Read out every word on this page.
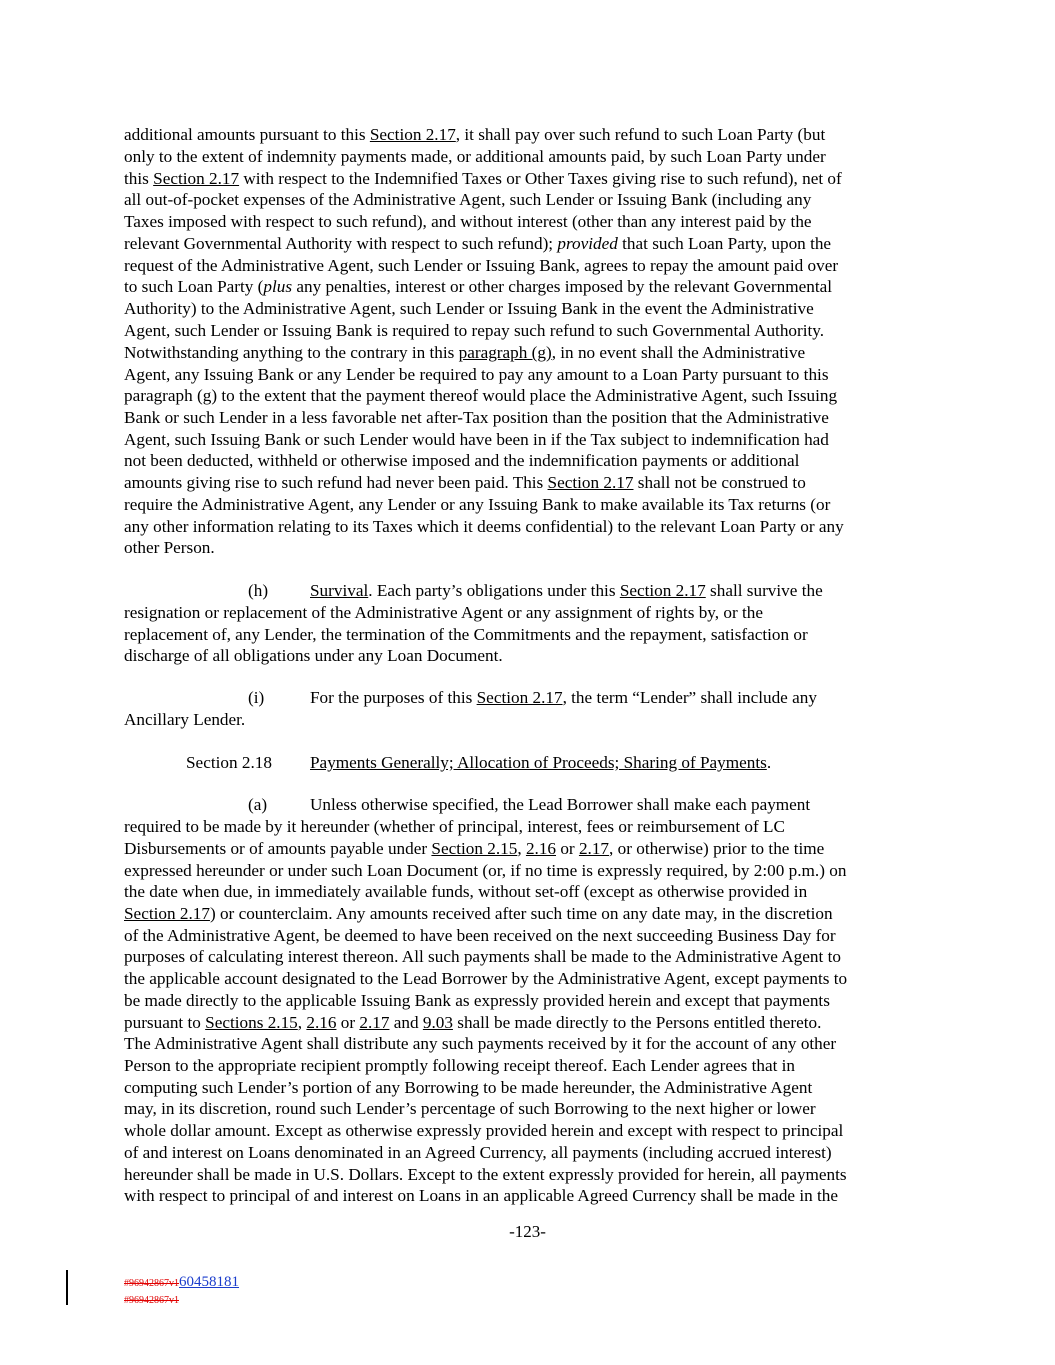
additional amounts pursuant to this Section 2.17, it shall pay over such refund to such Loan Party (but
only to the extent of indemnity payments made, or additional amounts paid, by such Loan Party under
this Section 2.17 with respect to the Indemnified Taxes or Other Taxes giving rise to such refund), net of
all out-of-pocket expenses of the Administrative Agent, such Lender or Issuing Bank (including any
Taxes imposed with respect to such refund), and without interest (other than any interest paid by the
relevant Governmental Authority with respect to such refund); provided that such Loan Party, upon the
request of the Administrative Agent, such Lender or Issuing Bank, agrees to repay the amount paid over
to such Loan Party (plus any penalties, interest or other charges imposed by the relevant Governmental
Authority) to the Administrative Agent, such Lender or Issuing Bank in the event the Administrative
Agent, such Lender or Issuing Bank is required to repay such refund to such Governmental Authority.
Notwithstanding anything to the contrary in this paragraph (g), in no event shall the Administrative
Agent, any Issuing Bank or any Lender be required to pay any amount to a Loan Party pursuant to this
paragraph (g) to the extent that the payment thereof would place the Administrative Agent, such Issuing
Bank or such Lender in a less favorable net after-Tax position than the position that the Administrative
Agent, such Issuing Bank or such Lender would have been in if the Tax subject to indemnification had
not been deducted, withheld or otherwise imposed and the indemnification payments or additional
amounts giving rise to such refund had never been paid. This Section 2.17 shall not be construed to
require the Administrative Agent, any Lender or any Issuing Bank to make available its Tax returns (or
any other information relating to its Taxes which it deems confidential) to the relevant Loan Party or any
other Person.
(h) Survival. Each party’s obligations under this Section 2.17 shall survive the
resignation or replacement of the Administrative Agent or any assignment of rights by, or the
replacement of, any Lender, the termination of the Commitments and the repayment, satisfaction or
discharge of all obligations under any Loan Document.
(i)	For the purposes of this Section 2.17, the term “Lender” shall include any
Ancillary Lender.
Section 2.18 Payments Generally; Allocation of Proceeds; Sharing of Payments.
(a) Unless otherwise specified, the Lead Borrower shall make each payment
required to be made by it hereunder (whether of principal, interest, fees or reimbursement of LC
Disbursements or of amounts payable under Section 2.15, 2.16 or 2.17, or otherwise) prior to the time
expressed hereunder or under such Loan Document (or, if no time is expressly required, by 2:00 p.m.) on
the date when due, in immediately available funds, without set-off (except as otherwise provided in
Section 2.17) or counterclaim. Any amounts received after such time on any date may, in the discretion
of the Administrative Agent, be deemed to have been received on the next succeeding Business Day for
purposes of calculating interest thereon. All such payments shall be made to the Administrative Agent to
the applicable account designated to the Lead Borrower by the Administrative Agent, except payments to
be made directly to the applicable Issuing Bank as expressly provided herein and except that payments
pursuant to Sections 2.15, 2.16 or 2.17 and 9.03 shall be made directly to the Persons entitled thereto.
The Administrative Agent shall distribute any such payments received by it for the account of any other
Person to the appropriate recipient promptly following receipt thereof. Each Lender agrees that in
computing such Lender’s portion of any Borrowing to be made hereunder, the Administrative Agent
may, in its discretion, round such Lender’s percentage of such Borrowing to the next higher or lower
whole dollar amount. Except as otherwise expressly provided herein and except with respect to principal
of and interest on Loans denominated in an Agreed Currency, all payments (including accrued interest)
hereunder shall be made in U.S. Dollars. Except to the extent expressly provided for herein, all payments
with respect to principal of and interest on Loans in an applicable Agreed Currency shall be made in the
-123-
#96942867v160458181
#96942867v1
